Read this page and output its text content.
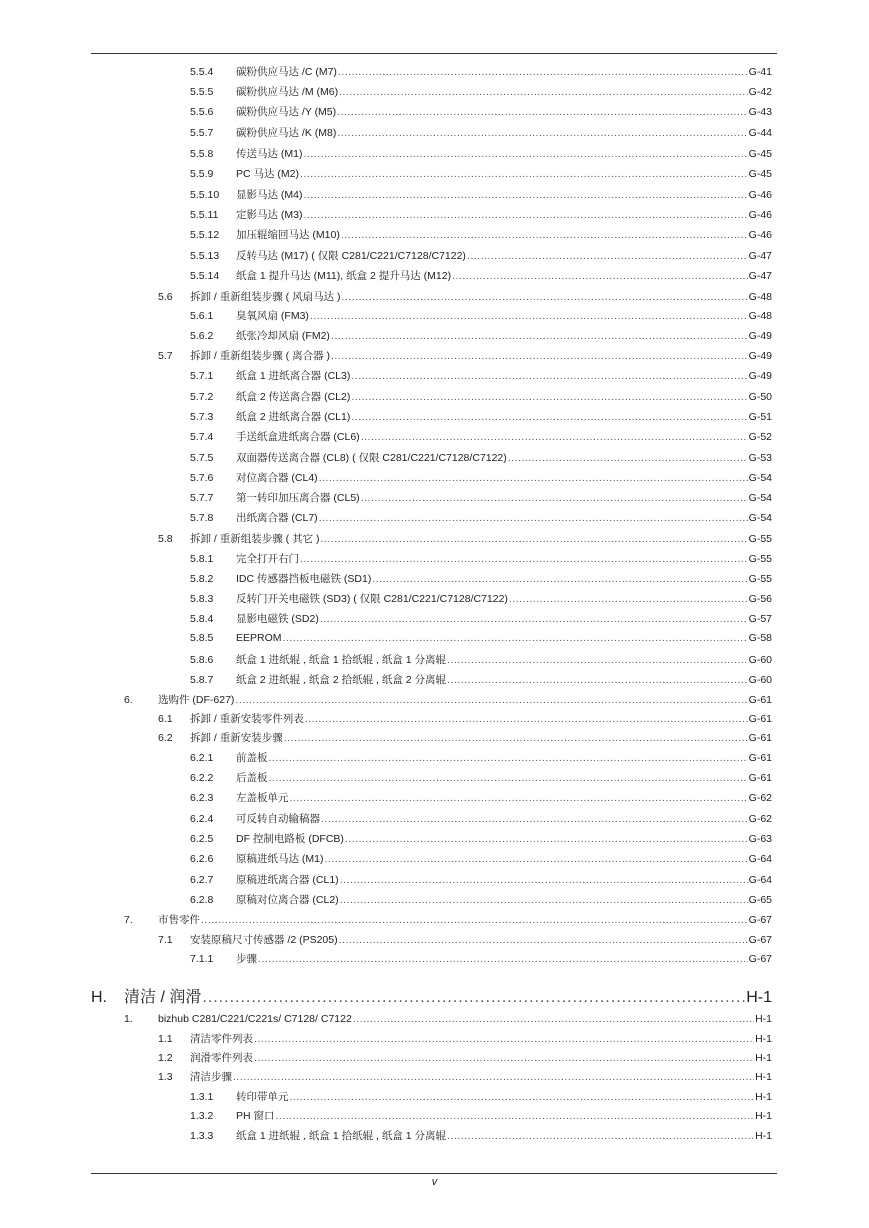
5.5.4	碳粉供应马达 /C (M7) .....	G-41
5.5.5	碳粉供应马达 /M (M6) .....	G-42
5.5.6	碳粉供应马达 /Y (M5) .....	G-43
5.5.7	碳粉供应马达 /K (M8) .....	G-44
5.5.8	传送马达 (M1) .....	G-45
5.5.9	PC 马达 (M2) .....	G-45
5.5.10	显影马达 (M4) .....	G-46
5.5.11	定影马达 (M3) .....	G-46
5.5.12	加压辊缩回马达 (M10) .....	G-46
5.5.13	反转马达 (M17) ( 仅限 C281/C221/C7128/C7122) .....	G-47
5.5.14	纸盒 1 提升马达 (M11), 纸盒 2 提升马达 (M12) .....	G-47
5.6	拆卸 / 重新组装步骤 ( 风扇马达 ) .....	G-48
5.6.1	臭氧风扇 (FM3) .....	G-48
5.6.2	纸张冷却风扇 (FM2) .....	G-49
5.7	拆卸 / 重新组装步骤 ( 离合器 ) .....	G-49
5.7.1	纸盒 1 进纸离合器 (CL3) .....	G-49
5.7.2	纸盒 2 传送离合器 (CL2) .....	G-50
5.7.3	纸盒 2 进纸离合器 (CL1) .....	G-51
5.7.4	手送纸盒进纸离合器 (CL6) .....	G-52
5.7.5	双面器传送离合器 (CL8) ( 仅限 C281/C221/C7128/C7122) .....	G-53
5.7.6	对位离合器 (CL4) .....	G-54
5.7.7	第一转印加压离合器 (CL5) .....	G-54
5.7.8	出纸离合器 (CL7) .....	G-54
5.8	拆卸 / 重新组装步骤 ( 其它 ) .....	G-55
5.8.1	完全打开右门 .....	G-55
5.8.2	IDC 传感器挡板电磁铁 (SD1) .....	G-55
5.8.3	反转门开关电磁铁 (SD3) ( 仅限 C281/C221/C7128/C7122) .....	G-56
5.8.4	显影电磁铁 (SD2) .....	G-57
5.8.5	EEPROM .....	G-58
5.8.6	纸盒 1 进纸辊 , 纸盒 1 拾纸辊 , 纸盒 1 分离辊 .....	G-60
5.8.7	纸盒 2 进纸辊 , 纸盒 2 拾纸辊 , 纸盒 2 分离辊 .....	G-60
6.	选购件 (DF-627) .....	G-61
6.1	拆卸 / 重新安装零件列表 .....	G-61
6.2	拆卸 / 重新安装步骤 .....	G-61
6.2.1	前盖板 .....	G-61
6.2.2	后盖板 .....	G-61
6.2.3	左盖板单元 .....	G-62
6.2.4	可反转自动输稿器 .....	G-62
6.2.5	DF 控制电路板 (DFCB) .....	G-63
6.2.6	原稿进纸马达 (M1) .....	G-64
6.2.7	原稿进纸离合器 (CL1) .....	G-64
6.2.8	原稿对位离合器 (CL2) .....	G-65
7.	市售零件 .....	G-67
7.1	安装原稿尺寸传感器 /2 (PS205) .....	G-67
7.1.1	步骤 .....	G-67
H.	清洁 / 润滑 .....	H-1
1.	bizhub C281/C221/C221s/ C7128/ C7122 .....	H-1
1.1	清洁零件列表 .....	H-1
1.2	润滑零件列表 .....	H-1
1.3	清洁步骤 .....	H-1
1.3.1	转印带单元 .....	H-1
1.3.2	PH 窗口 .....	H-1
1.3.3	纸盒 1 进纸辊 , 纸盒 1 拾纸辊 , 纸盒 1 分离辊 .....	H-1
v
